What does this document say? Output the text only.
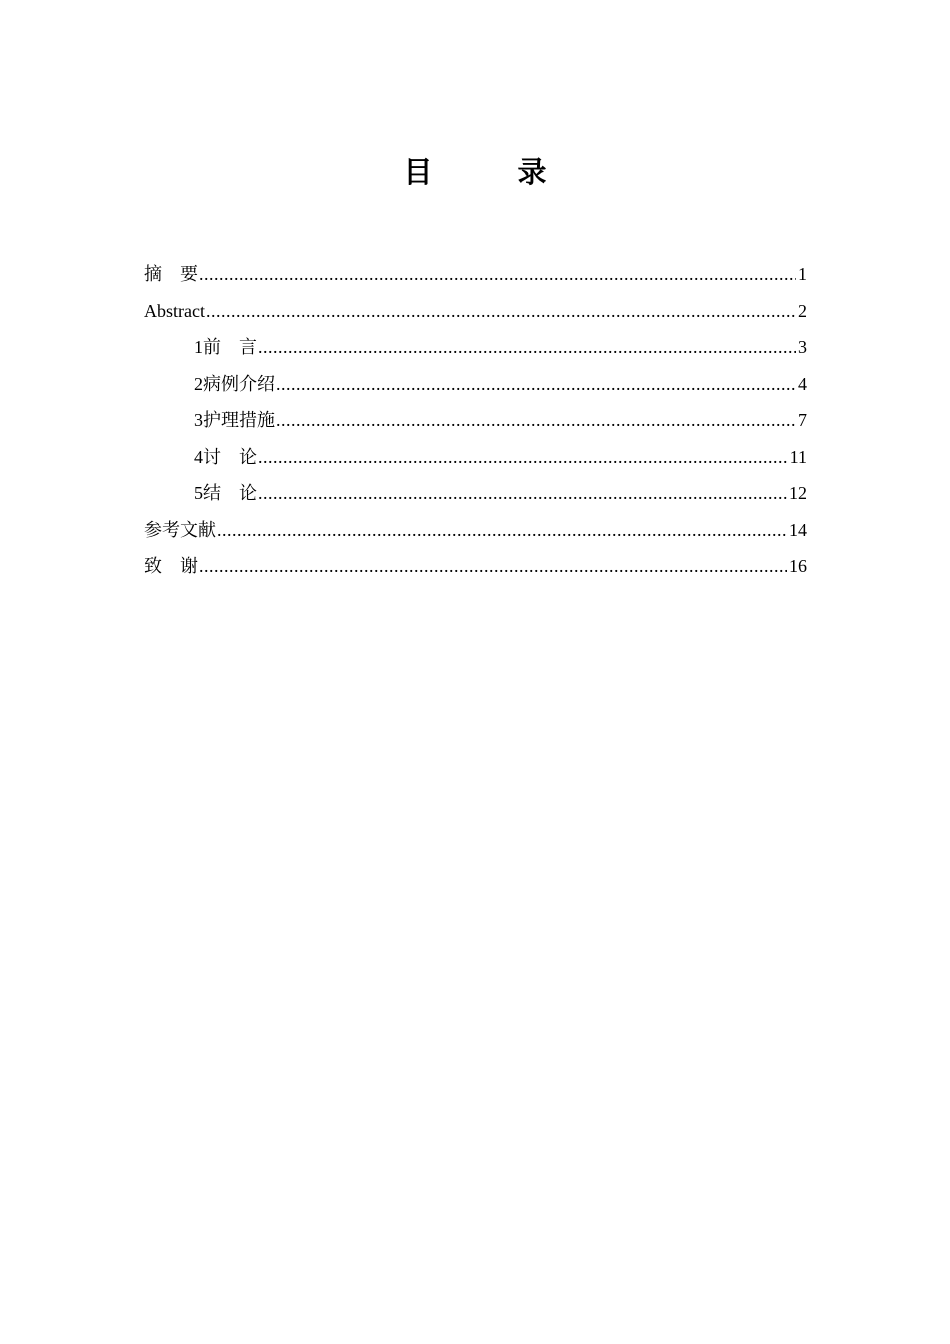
目　录
摘　要 .....	1
Abstract .....	2
1 前　言 .....	3
2 病例介绍 .....	4
3 护理措施 .....	7
4 讨　论 .....	11
5 结　论 .....	12
参考文献 .....	14
致　谢 .....	16
